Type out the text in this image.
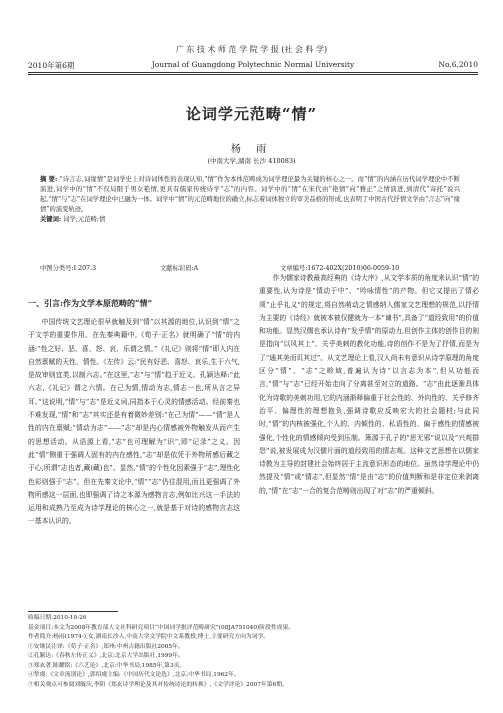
广 东 技 术 师 范 学 院 学 报 (社 会 科 学)
2010年第6期	Journal of Guangdong Polytechnic Normal University	No.6,2010
论词学元范畴“情”
杨 雨
(中南大学,湖南 长沙 410083)
摘 要: “诗言志,词缘情”是词学史上对诗词体性的表现认知,“情”作为本体范畴成为词学理论最为关键的核心之一。而“情”的内涵在历代词学理论中不断演进,词学中的“情”不仅局限于男女艳情,更具有儒家传统诗学“志”的内容。词学中的“情”在宋代由“艳情”向“雅正”之情演进,到清代“寄托”说兴起,“情”与“志”在词学理论中已融为一体。词学中“情”的元范畴地位的确立,标志着词体独立的审美品格的形成,也表明了中国古代抒情文学由“言志”向“缘情”的演变轨迹。
关键词: 词学;元范畴;情
中图分类号:I 207.3	文献标识码:A	文章编号:1672-402X(2010)06-0059-10
一、引言:作为文学本原范畴的“情”

中国传统文艺理论很早就触及到“情”以其源的地位,认识到“情”之于文学的重要作用。在先秦典籍中,《荀子·正名》就明确了“情”的内涵:“性之好、恶、喜、怒、哀、乐谓之情。”《礼记》则将“情”即人内在自然禀赋的天性、情性。《左传》云:“民有好恶、喜怒、哀乐,生于六气,是故审则宜类,以制六志。”在这里,“志”与“情”趋于近义。孔颖达释:“此六志,《礼记》谓之六情。在己为情,情动为志,情志一也,所从言之异耳。”这说明,“情”与“志”是近义词,同指本于心灵的情感活动。经前秦也不难发现,“情”和“志”其实还是有着微妙差别:“在己为情”——“情”是人性的内在禀赋;“情动为志”——“志”却是内心情感被外物触发从而产生的思想活动。从语源上看,“志”也可理解为“识”,即“记录”之义。因此“情”侧重于强调人固有的内在感性,“志”却是依凭于外物所感后藏之于心,所谓“志也者,藏(藏)也”。显然,“情”的个性化因素强于“志”,理性化色彩则强于“志”。但在先秦文论中,“情”“志”仍往混用,而且更强调了外物所感这一层面,也即强调了诗之本源为感物言志,例如比兴这一手法的运用和成熟乃至成为诗学理论的核心之一,就是基于对诗的感物言志这一基本认识的。

作为儒家诗教最高经典的《诗大序》,从文学本质的角度来认识“情”的重要性,认为诗是“情动于中”、“吟咏情性”的产物。但它又提出了情必须“止乎礼义”的规定,将自然萌动之情感纳入儒家文艺理想的规范,以抒情为主要的《诗经》就被本被仅健就为一本“谏书”,具备了“道经致用”的价值和功能。显然汉儒也承认诗有“发乎情”的原动力,但创作主体的创作目的则是指向“以风其上”、关乎美刺的教化功能,诗的创作不是为了抒情,而是为了“通其美而讥其过”。从文艺理论上看,汉人尚未有意识从诗学原理的角度区分“情”、“志”之畛域,普遍认为诗“以言志为本”,但从功能而言,“情”与“志”已经开始走向了分离甚至对立的道路。“志”由此逐渐具体化为诗歌的美刺功用,它的内涵渐释偏重于社会性的、外向性的、关乎修齐治平、偏理性的理想抱负,强调诗歌应反映宏大的社会题材;与此同时,“情”的内核被强化,个人的、内倾性的、私语性的、偏于感性的情感被强化,个性化的情感倾向受到压制。箫源于孔子的“思无邪”说以及“兴观群怨”说,被发展成为汉儒片面的道经致用的情志观。这种文艺思想在以儒家诗教为主导的封建社会始终居于主流意识形态的地位。虽然诗学理论中仍然提及“情”或“情志”,但显然“情”是由“志”的价值判断和是非定位来剥离的,“情”在“志”一合的复合范畴则出现了对“志”的严重倾斜。

收稿日期:2010-10-26
基金项目:本文为2008年教育部人文社科研究项目“中国词学批评范畴研究”(08JA751040)阶段性成果。
作者简介:杨雨(1974-),女,湖南长沙人,中南大学文学院中文系教授,博士,主要研究方向为词学。
①安继民注译:《荀子·正名》,郑州:中州古籍出版社2005年。
②孔颖达:《春秋左传正义》,北京:北京大学出版社,1999年。
③郑玄著,陈耀铭:《六艺论》,北京:中华书局,1985年,第3页。
④挚虞:《文章流别论》,郭绍虞主编:《中国历代文论选》,北京:中华书局,1962年。
⑤相关观点可参阅刘毓庆,李阴《郑玄诗学理论及其对传统诗论的转换》,《文学评论》2007年第6期。
